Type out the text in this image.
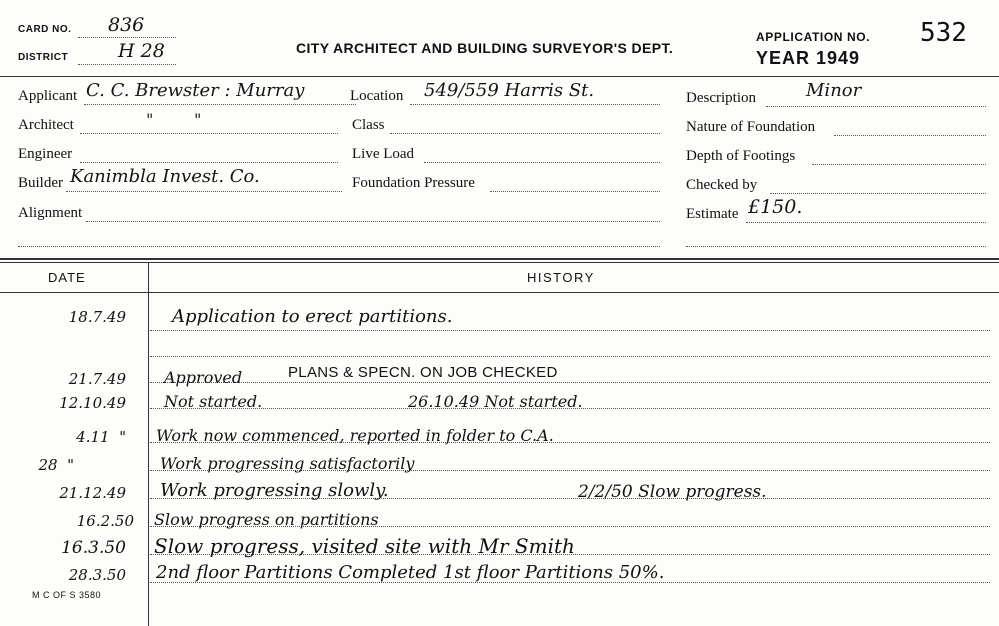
CARD NO. 836
DISTRICT	H 28	CITY ARCHITECT AND BUILDING SURVEYOR'S DEPT.
APPLICATION NO. 532
YEAR 1949
Applicant C. C. Brewster : Murray
Architect	"        "
Engineer
Builder Kanimbla Invest. Co.
Alignment
Location 549/559 Harris St.
Class
Live Load
Foundation Pressure
Description	Minor
Nature of Foundation
Depth of Footings
Checked by
Estimate £150.
DATE	HISTORY
18.7.49	Application to erect partitions.
21.7.49 Approved	PLANS & SPECN. ON JOB CHECKED
12.10.49 Not started.	26.10.49 Not started.
4.11  " Work now commenced, reported in folder to C.A.
28  "	Work progressing satisfactorily
21.12.49 Work progressing slowly.	2/2/50 Slow progress.
16.2.50 Slow progress on partitions
16.3.50 Slow progress, visited site with Mr Smith
28.3.50 2nd floor Partitions Completed 1st floor Partitions 50%.
M C OF S 3580
